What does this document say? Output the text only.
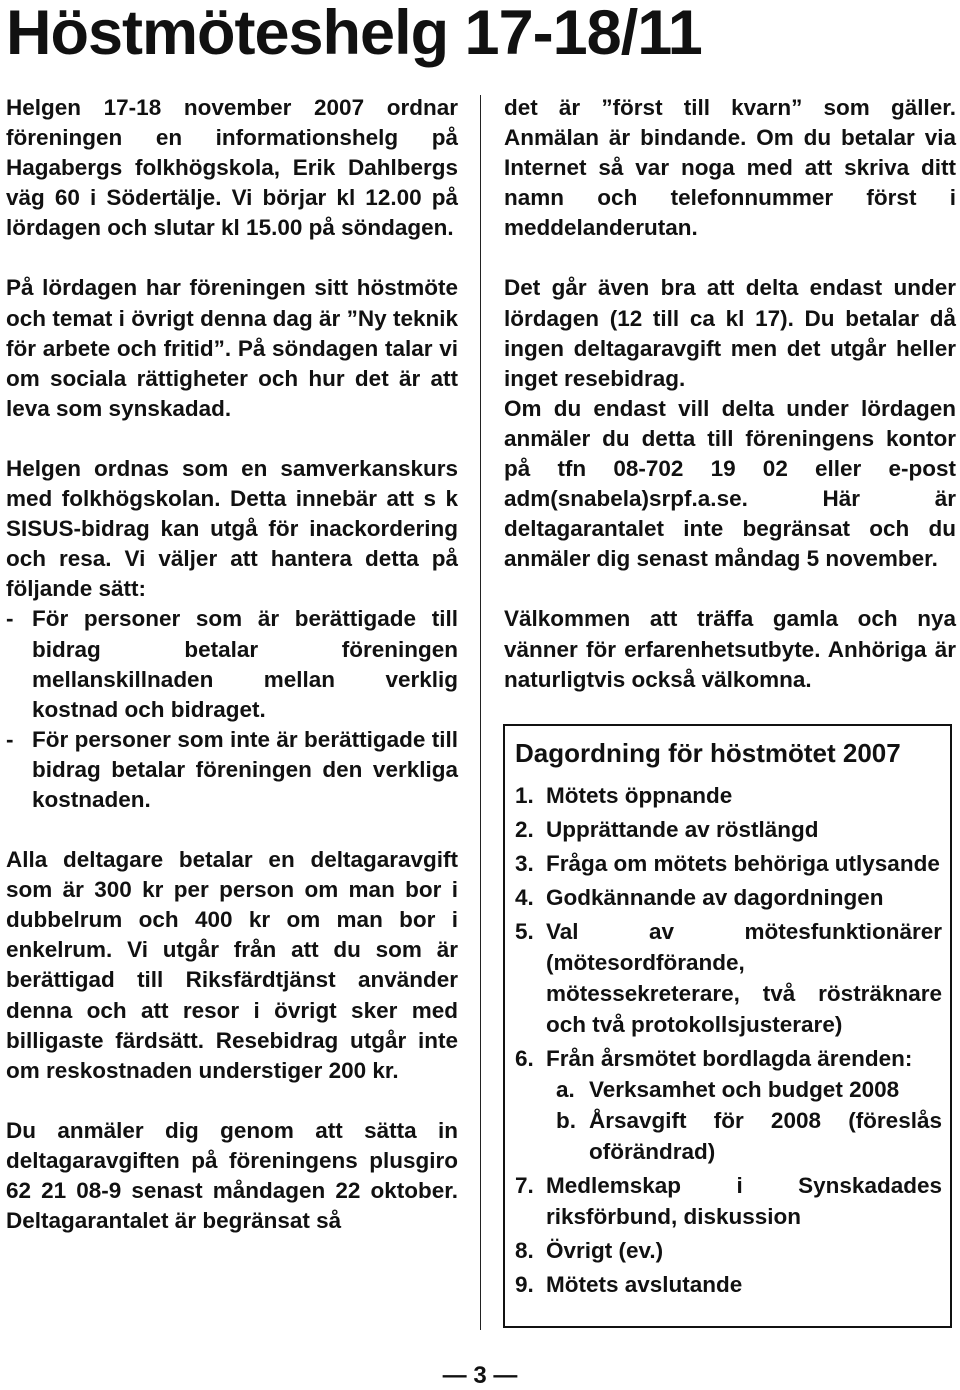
Höstmöteshelg 17-18/11

Helgen 17-18 november 2007 ordnar föreningen en informationshelg på Hagabergs folkhögskola, Erik Dahlbergs väg 60 i Södertälje. Vi börjar kl 12.00 på lördagen och slutar kl 15.00 på söndagen.

På lördagen har föreningen sitt höstmöte och temat i övrigt denna dag är ”Ny teknik för arbete och fritid”. På söndagen talar vi om sociala rättigheter och hur det är att leva som synskadad.

Helgen ordnas som en samverkanskurs med folkhögskolan. Detta innebär att s k SISUS-bidrag kan utgå för inackordering och resa. Vi väljer att hantera detta på följande sätt:

- För personer som är berättigade till bidrag betalar föreningen mellanskillnaden mellan verklig kostnad och bidraget.
- För personer som inte är berättigade till bidrag betalar föreningen den verkliga kostnaden.

Alla deltagare betalar en deltagaravgift som är 300 kr per person om man bor i dubbelrum och 400 kr om man bor i enkelrum. Vi utgår från att du som är berättigad till Riksfärdtjänst använder denna och att resor i övrigt sker med billigaste färdsätt. Resebidrag utgår inte om reskostnaden understiger 200 kr.

Du anmäler dig genom att sätta in deltagaravgiften på föreningens plusgiro 62 21 08-9 senast måndagen 22 oktober. Deltagarantalet är begränsat så

det är ”först till kvarn” som gäller. Anmälan är bindande. Om du betalar via Internet så var noga med att skriva ditt namn och telefonnummer först i meddelanderutan.

Det går även bra att delta endast under lördagen (12 till ca kl 17). Du betalar då ingen deltagaravgift men det utgår heller inget resebidrag.

Om du endast vill delta under lördagen anmäler du detta till föreningens kontor på tfn 08-702 19 02 eller e-post adm(snabela)srpf.a.se. Här är deltagarantalet inte begränsat och du anmäler dig senast måndag 5 november.

Välkommen att träffa gamla och nya vänner för erfarenhetsutbyte. Anhöriga är naturligtvis också välkomna.

Dagordning för höstmötet 2007
1. Mötets öppnande
2. Upprättande av röstlängd
3. Fråga om mötets behöriga utlysande
4. Godkännande av dagordningen
5. Val av mötesfunktionärer (mötesordförande, mötessekreterare, två rösträknare och två protokollsjusterare)
6. Från årsmötet bordlagda ärenden:
a. Verksamhet och budget 2008
b. Årsavgift för 2008 (föreslås oförändrad)
7. Medlemskap i Synskadades riksförbund, diskussion
8. Övrigt (ev.)
9. Mötets avslutande
— 3 —
